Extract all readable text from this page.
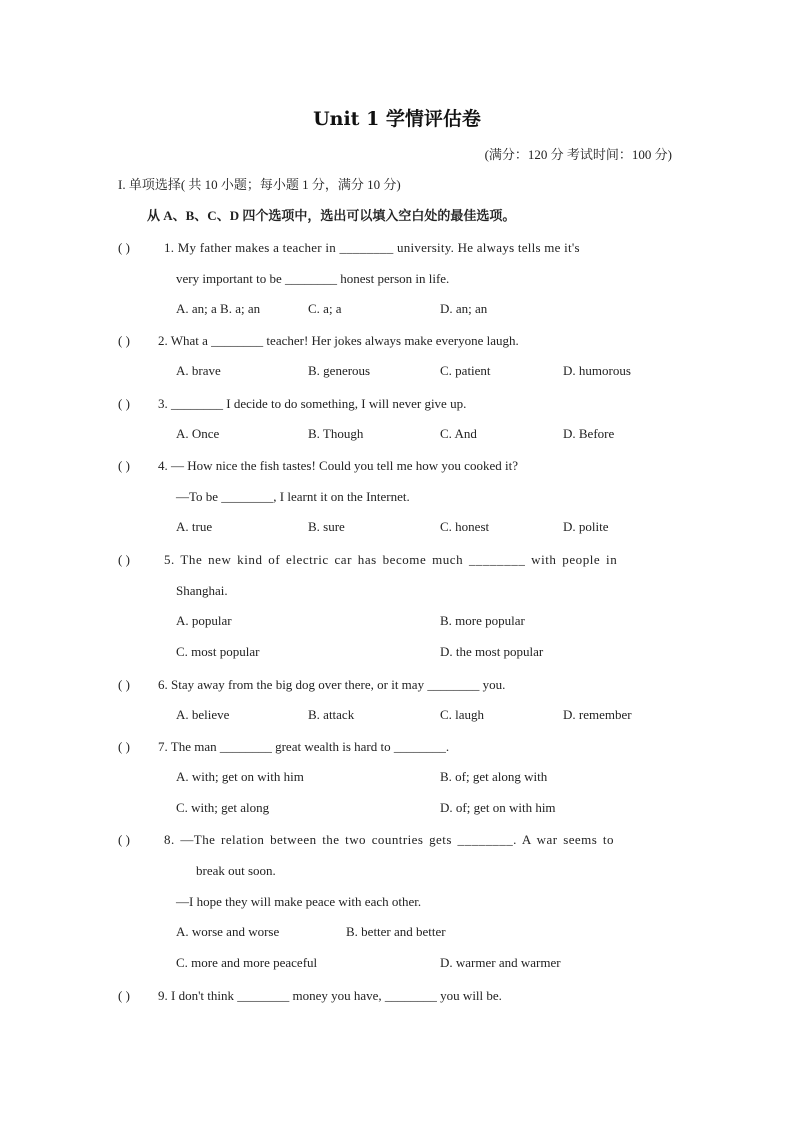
Unit 1 学情评估卷
(满分：120 分 考试时间：100 分)
I. 单项选择( 共 10 小题；每小题 1 分，满分 10 分)
从 A、B、C、D 四个选项中，选出可以填入空白处的最佳选项。
( )	1. My father makes a teacher in ________ university. He always tells me it's
very important to be ________ honest person in life.
A. an; a B. a; an	C. a; a	D. an; an
( ) 2. What a ________ teacher! Her jokes always make everyone laugh.
A. brave	B. generous	C. patient	D. humorous
( ) 3. ________ I decide to do something, I will never give up.
A. Once	B. Though	C. And	D. Before
( ) 4. — How nice the fish tastes! Could you tell me how you cooked it?
—To be ________, I learnt it on the Internet.
A. true	B. sure	C. honest	D. polite
( )	5. The new kind of electric car has become much ________ with people in
Shanghai.
A. popular	B. more popular
C. most popular	D. the most popular
( ) 6. Stay away from the big dog over there, or it may ________ you.
A. believe	B. attack	C. laugh	D. remember
( ) 7. The man ________ great wealth is hard to ________.
A. with; get on with him	B. of; get along with
C. with; get along	D. of; get on with him
( )	8. —The relation between the two countries gets ________. A war seems to
break out soon.
—I hope they will make peace with each other.
A. worse and worse	B. better and better
C. more and more peaceful	D. warmer and warmer
( ) 9. I don't think ________ money you have, ________ you will be.
